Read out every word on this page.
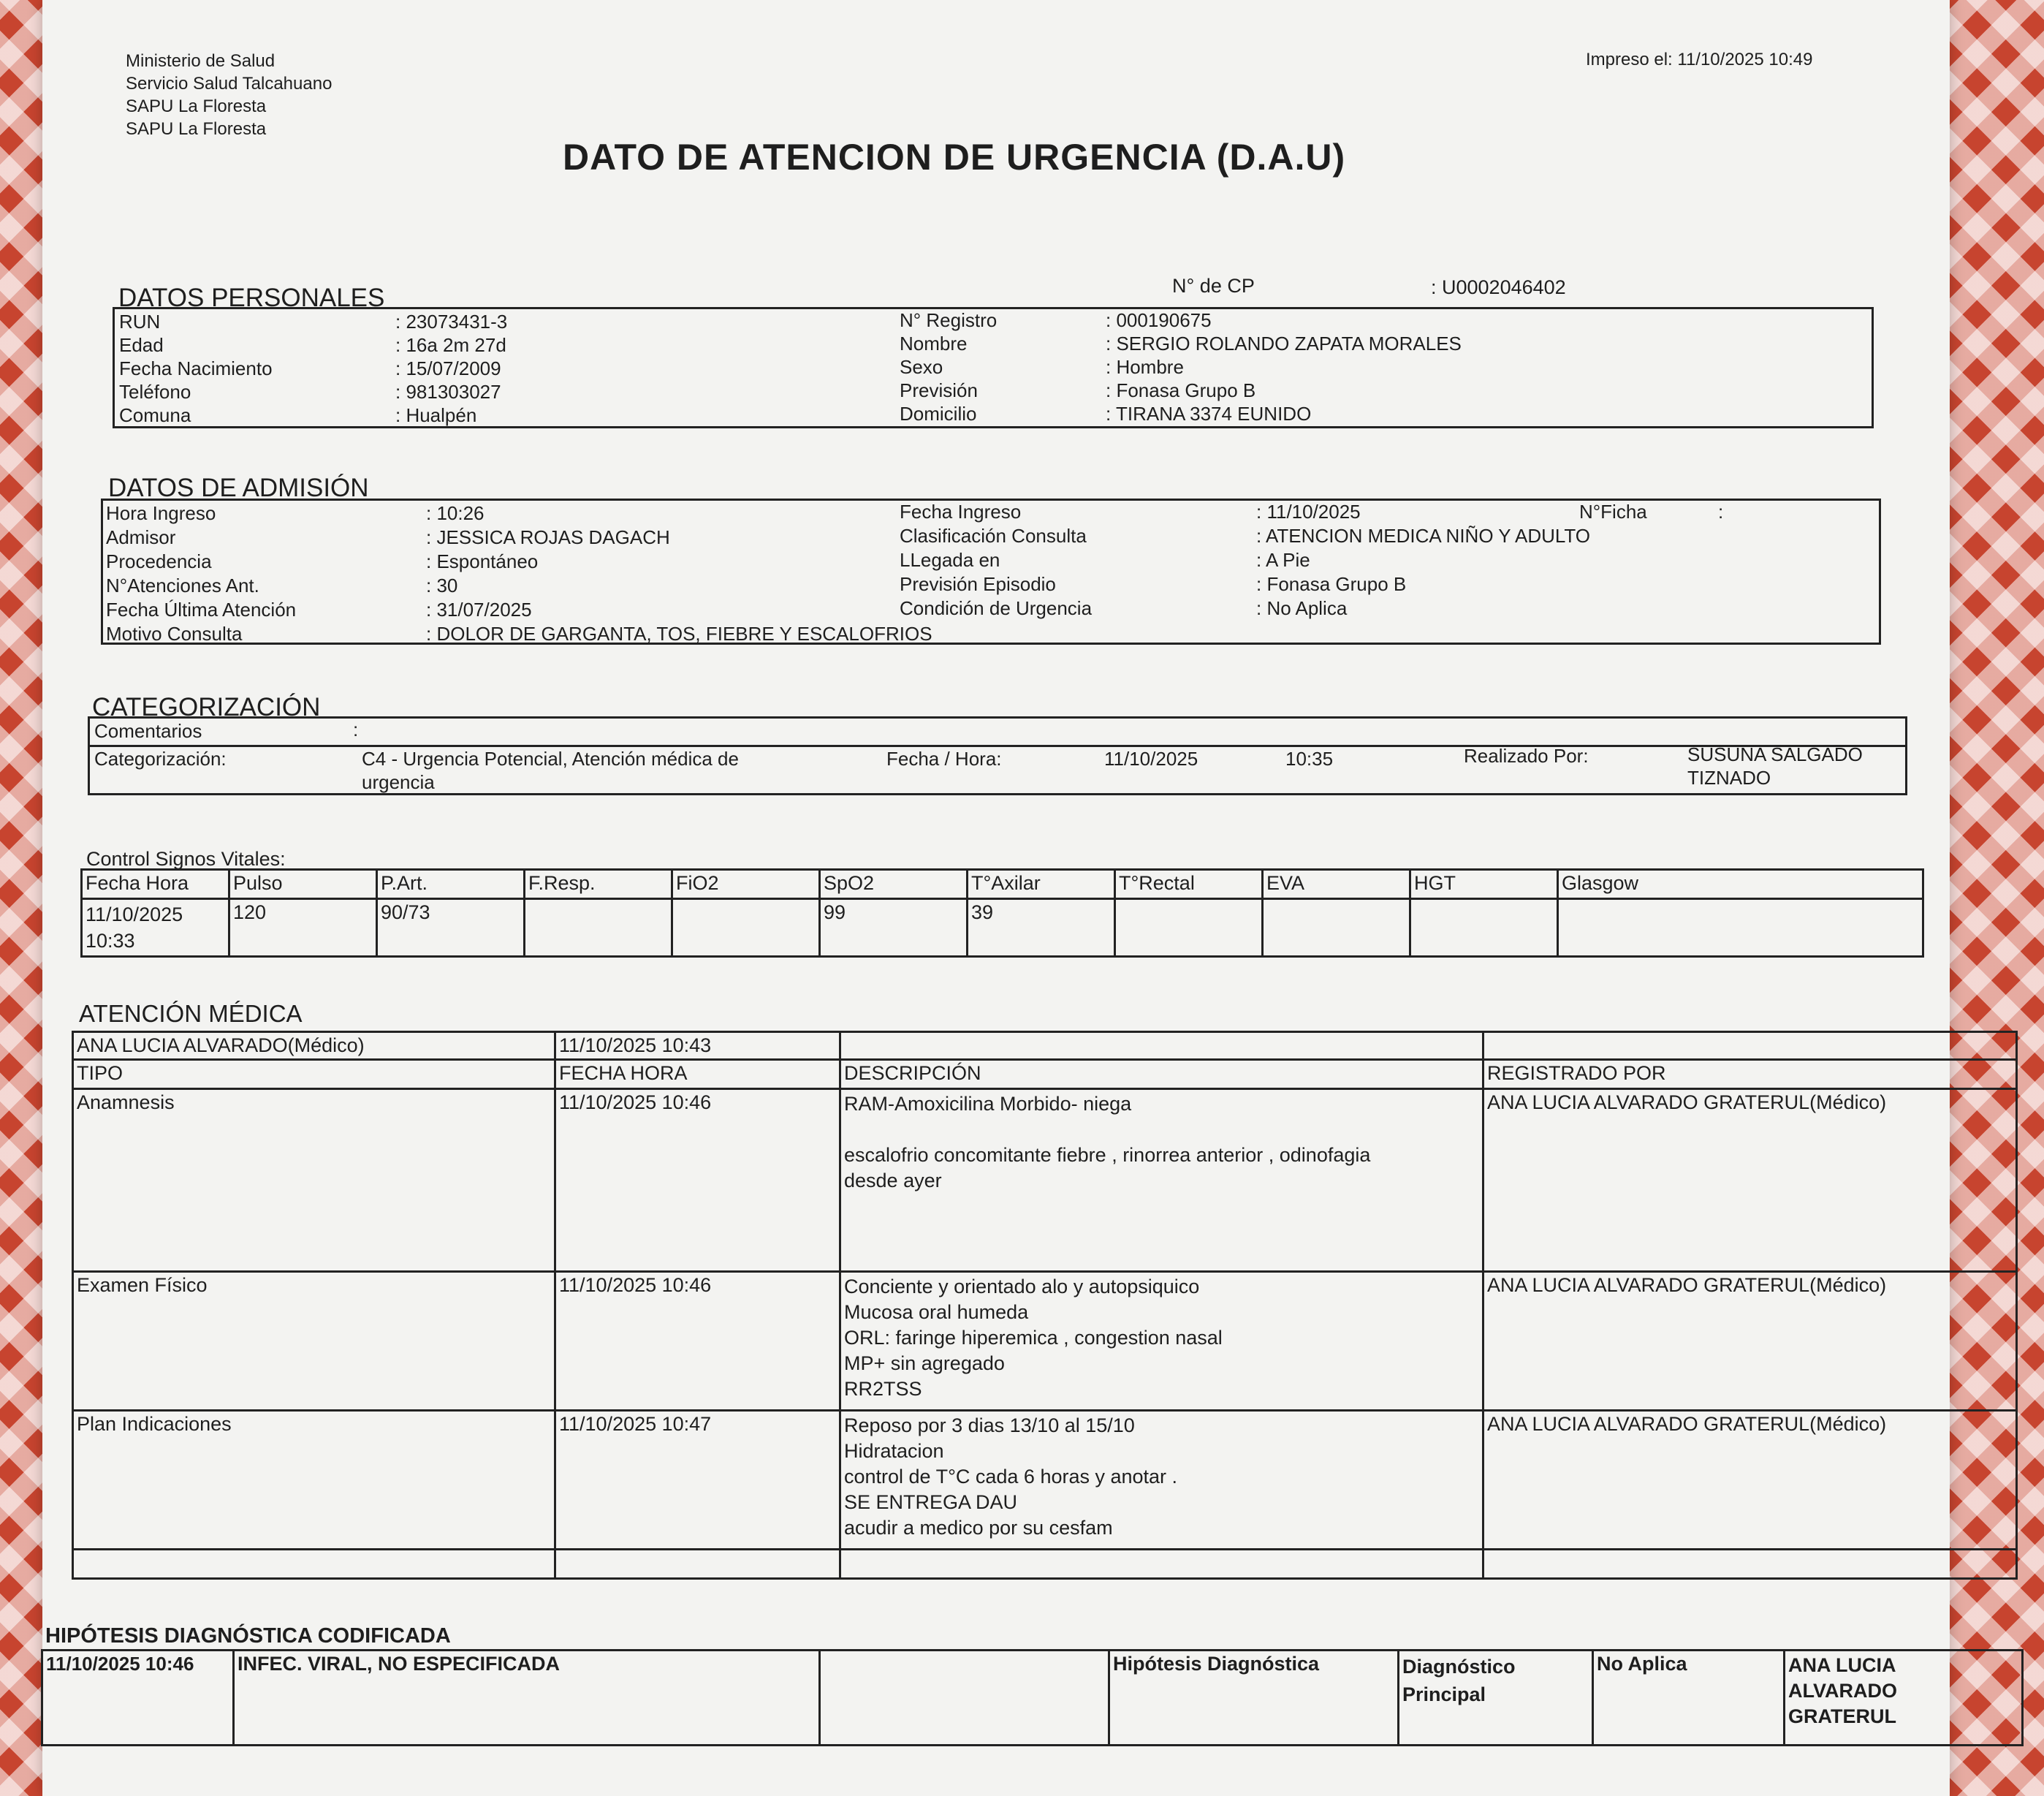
Ministerio de Salud
Servicio Salud Talcahuano
SAPU La Floresta
SAPU La Floresta
Impreso el: 11/10/2025 10:49
DATO DE ATENCION DE URGENCIA (D.A.U)
DATOS PERSONALES	N° de CP	: U0002046402
RUN	: 23073431-3
Edad	: 16a 2m 27d
Fecha Nacimiento	: 15/07/2009
Teléfono	: 981303027
Comuna	: Hualpén
N° Registro	: 000190675
Nombre	: SERGIO ROLANDO ZAPATA MORALES
Sexo	: Hombre
Previsión	: Fonasa Grupo B
Domicilio	: TIRANA 3374 EUNIDO
DATOS DE ADMISIÓN
Hora Ingreso	: 10:26
Admisor	: JESSICA ROJAS DAGACH
Procedencia	: Espontáneo
N°Atenciones Ant.	: 30
Fecha Última Atención	: 31/07/2025
Motivo Consulta	: DOLOR DE GARGANTA, TOS, FIEBRE Y ESCALOFRIOS
Fecha Ingreso	: 11/10/2025
Clasificación Consulta	: ATENCION MEDICA NIÑO Y ADULTO
LLegada en	: A Pie
Previsión Episodio	: Fonasa Grupo B
Condición de Urgencia	: No Aplica
N°Ficha	:
CATEGORIZACIÓN
Comentarios	:
Categorización:	C4 - Urgencia Potencial, Atención médica de
urgencia
Fecha / Hora:	11/10/2025	10:35	Realizado Por:	SUSUNA SALGADO
TIZNADO
Control Signos Vitales:
Fecha Hora	Pulso	P.Art.	F.Resp.	FiO2	SpO2	T°Axilar	T°Rectal	EVA	HGT	Glasgow
11/10/2025 10:33	120	90/73			99	39				
ATENCIÓN MÉDICA
ANA LUCIA ALVARADO(Médico)	11/10/2025 10:43		
TIPO	FECHA HORA	DESCRIPCIÓN	REGISTRADO POR
Anamnesis	11/10/2025 10:46	RAM-Amoxicilina Morbido- niega
escalofrio concomitante fiebre , rinorrea anterior , odinofagia
desde ayer	ANA LUCIA ALVARADO GRATERUL(Médico)
Examen Físico	11/10/2025 10:46	Conciente y orientado alo y autopsiquico
Mucosa oral humeda
ORL: faringe hiperemica , congestion nasal
MP+ sin agregado
RR2TSS	ANA LUCIA ALVARADO GRATERUL(Médico)
Plan Indicaciones	11/10/2025 10:47	Reposo por 3 dias 13/10 al 15/10
Hidratacion
control de T°C cada 6 horas y anotar .
SE ENTREGA DAU
acudir a medico por su cesfam	ANA LUCIA ALVARADO GRATERUL(Médico)

HIPÓTESIS DIAGNÓSTICA CODIFICADA
11/10/2025 10:46	INFEC. VIRAL, NO ESPECIFICADA		Hipótesis Diagnóstica	Diagnóstico Principal	No Aplica	ANA LUCIA
ALVARADO
GRATERUL
